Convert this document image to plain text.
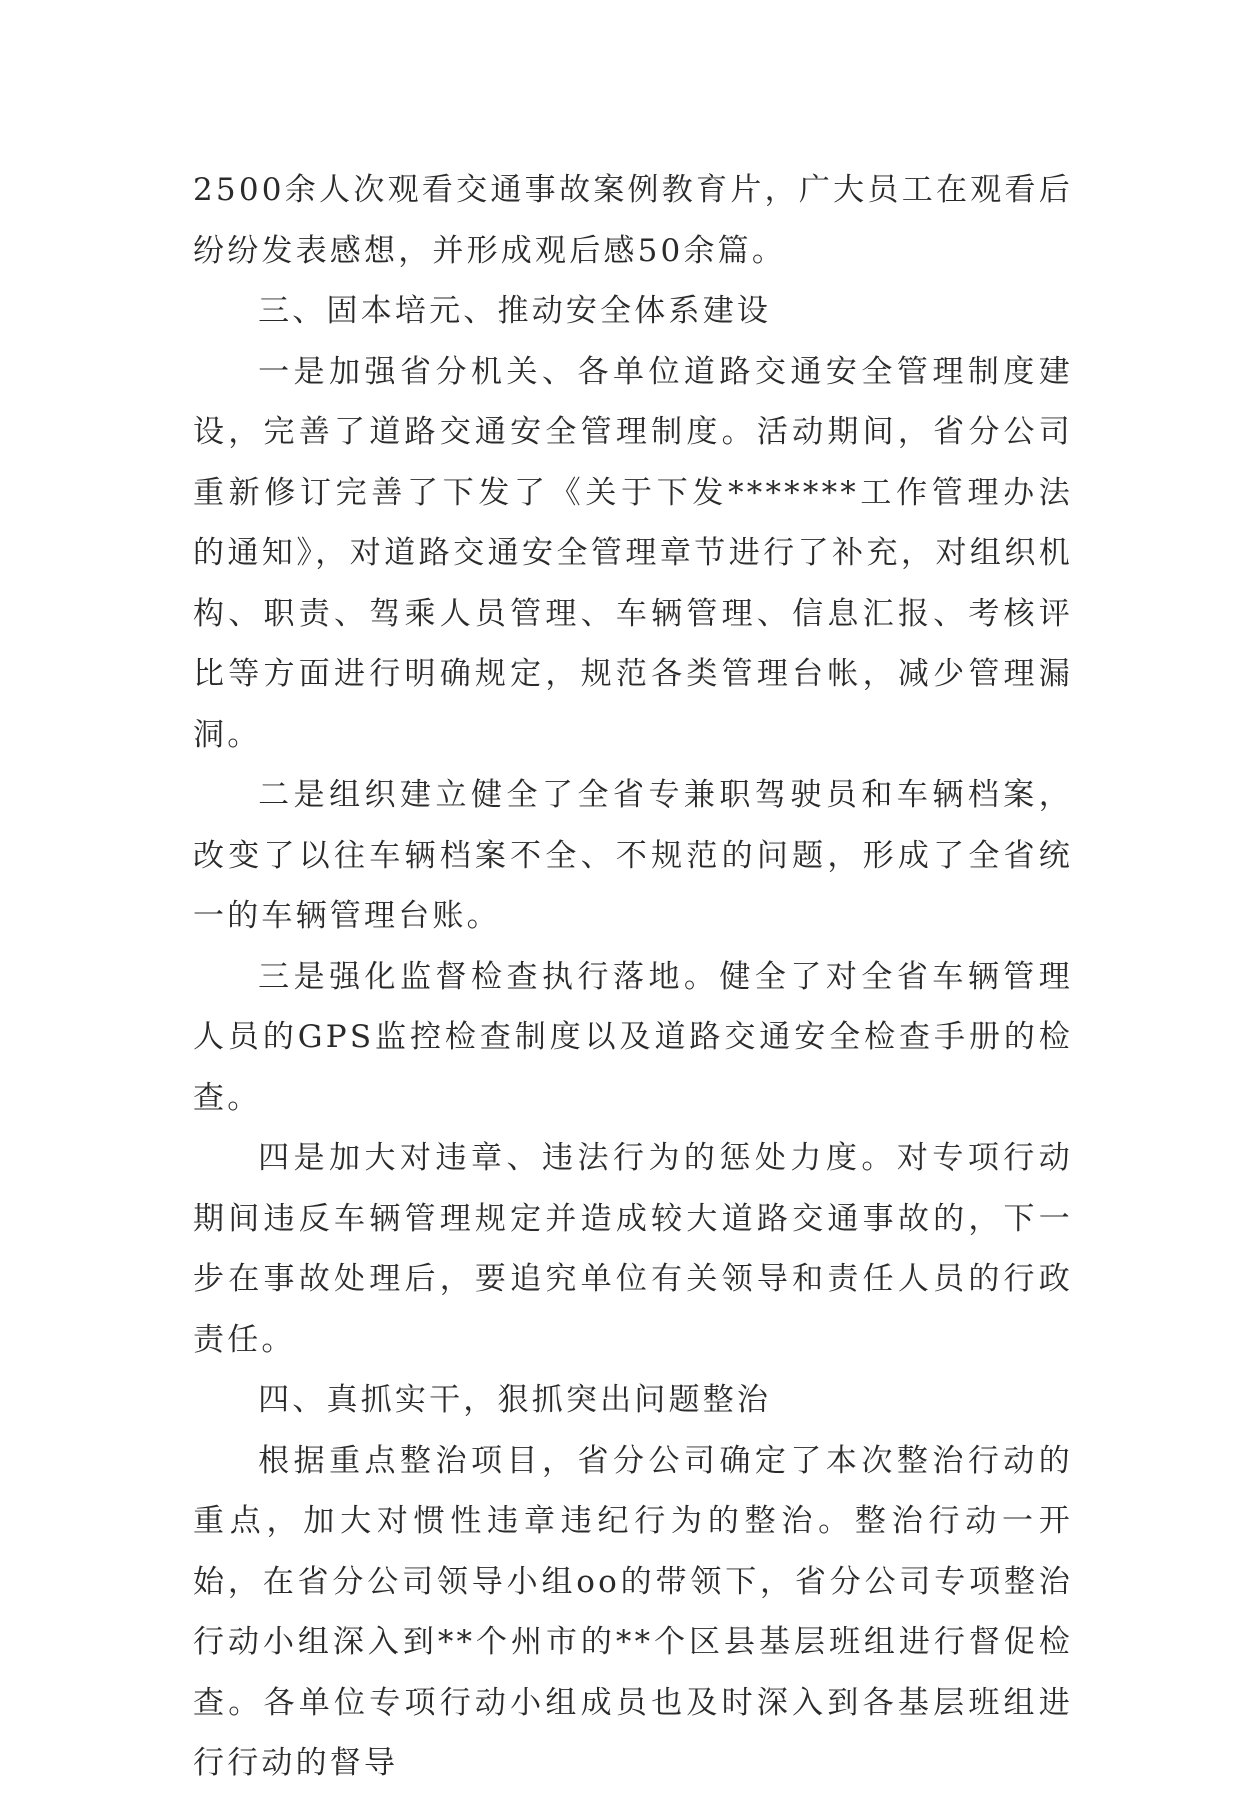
2500余人次观看交通事故案例教育片，广大员工在观看后纷纷发表感想，并形成观后感50余篇。

三、固本培元、推动安全体系建设

一是加强省分机关、各单位道路交通安全管理制度建设，完善了道路交通安全管理制度。活动期间，省分公司重新修订完善了下发了《关于下发*******工作管理办法的通知》，对道路交通安全管理章节进行了补充，对组织机构、职责、驾乘人员管理、车辆管理、信息汇报、考核评比等方面进行明确规定，规范各类管理台帐，减少管理漏洞。

二是组织建立健全了全省专兼职驾驶员和车辆档案，改变了以往车辆档案不全、不规范的问题，形成了全省统一的车辆管理台账。

三是强化监督检查执行落地。健全了对全省车辆管理人员的GPS监控检查制度以及道路交通安全检查手册的检查。

四是加大对违章、违法行为的惩处力度。对专项行动期间违反车辆管理规定并造成较大道路交通事故的，下一步在事故处理后，要追究单位有关领导和责任人员的行政责任。

四、真抓实干，狠抓突出问题整治

根据重点整治项目，省分公司确定了本次整治行动的重点，加大对惯性违章违纪行为的整治。整治行动一开始，在省分公司领导小组oo的带领下，省分公司专项整治行动小组深入到**个州市的**个区县基层班组进行督促检查。各单位专项行动小组成员也及时深入到各基层班组进行行动的督导
